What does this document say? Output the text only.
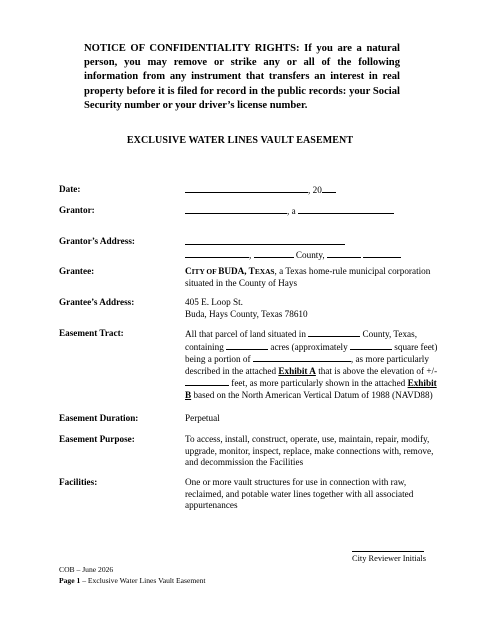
NOTICE OF CONFIDENTIALITY RIGHTS: If you are a natural person, you may remove or strike any or all of the following information from any instrument that transfers an interest in real property before it is filed for record in the public records: your Social Security number or your driver’s license number.
EXCLUSIVE WATER LINES VAULT EASEMENT
Date:	, 20
Grantor:	, a
Grantor’s Address:

,	County,
Grantee:	CITY OF BUDA, TEXAS, a Texas home-rule municipal corporation situated in the County of Hays
Grantee’s Address:	405 E. Loop St.
Buda, Hays County, Texas 78610
Easement Tract:	All that parcel of land situated in	County, Texas, containing	acres (approximately	square feet) being a portion of	, as more particularly described in the attached Exhibit A that is above the elevation of +/-  feet, as more particularly shown in the attached Exhibit B based on the North American Vertical Datum of 1988 (NAVD88)
Easement Duration:	Perpetual
Easement Purpose:	To access, install, construct, operate, use, maintain, repair, modify, upgrade, monitor, inspect, replace, make connections with, remove, and decommission the Facilities
Facilities:	One or more vault structures for use in connection with raw, reclaimed, and potable water lines together with all associated appurtenances
City Reviewer Initials
COB – June 2026
Page 1 – Exclusive Water Lines Vault Easement
